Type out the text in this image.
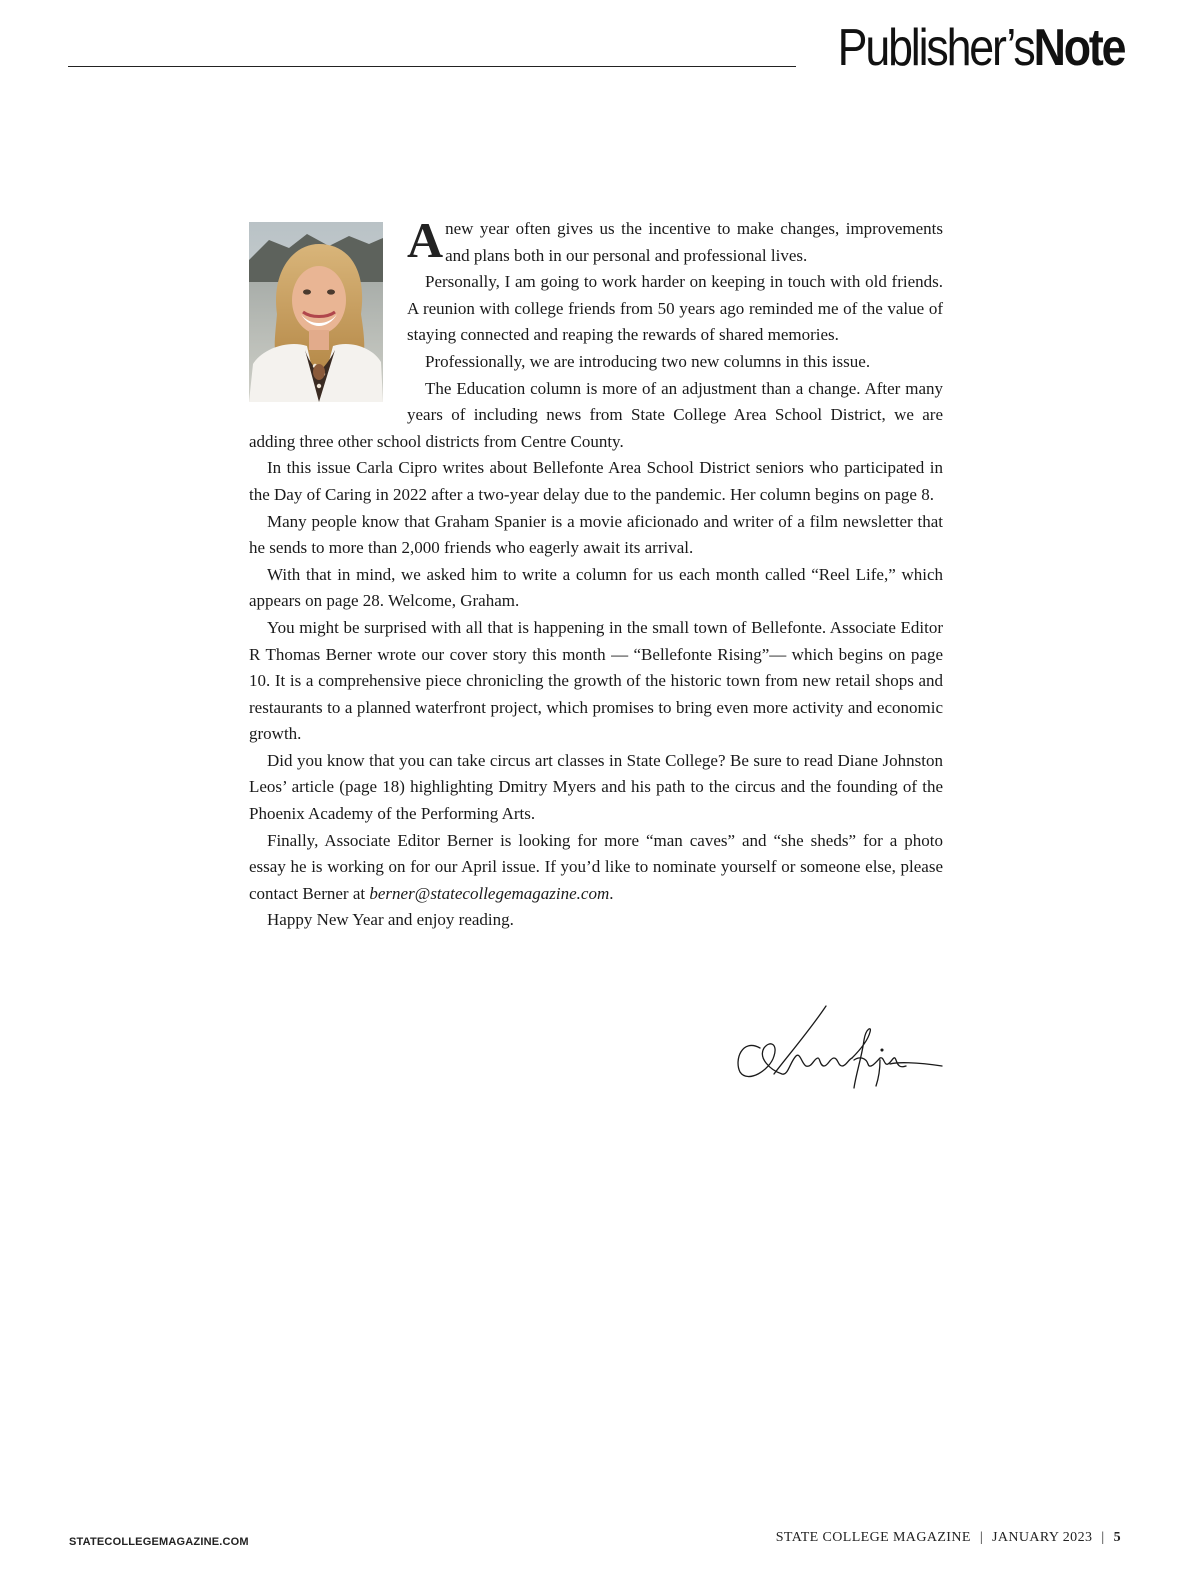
Publisher’sNote

Anew year often gives us the incentive to make changes, improvements and plans both in our personal and professional lives.

Personally, I am going to work harder on keeping in touch with old friends. A reunion with college friends from 50 years ago reminded me of the value of staying connected and reaping the rewards of shared memories.

Professionally, we are introducing two new columns in this issue.

The Education column is more of an adjustment than a change. After many years of including news from State College Area School District, we are adding three other school districts from Centre County.

In this issue Carla Cipro writes about Bellefonte Area School District seniors who participated in the Day of Caring in 2022 after a two-year delay due to the pandemic. Her column begins on page 8.

Many people know that Graham Spanier is a movie aficionado and writer of a film newsletter that he sends to more than 2,000 friends who eagerly await its arrival.

With that in mind, we asked him to write a column for us each month called “Reel Life,” which appears on page 28. Welcome, Graham.

You might be surprised with all that is happening in the small town of Bellefonte. Associate Editor R Thomas Berner wrote our cover story this month — “Bellefonte Rising”— which begins on page 10. It is a comprehensive piece chronicling the growth of the historic town from new retail shops and restaurants to a planned waterfront project, which promises to bring even more activity and economic growth.

Did you know that you can take circus art classes in State College? Be sure to read Diane Johnston Leos’ article (page 18) highlighting Dmitry Myers and his path to the circus and the founding of the Phoenix Academy of the Performing Arts.

Finally, Associate Editor Berner is looking for more “man caves” and “she sheds” for a photo essay he is working on for our April issue. If you’d like to nominate yourself or someone else, please contact Berner at berner@statecollegemagazine.com.

Happy New Year and enjoy reading.

STATECOLLEGEMAGAZINE.COM	STATE COLLEGE MAGAZINE | JANUARY 2023 | 5
